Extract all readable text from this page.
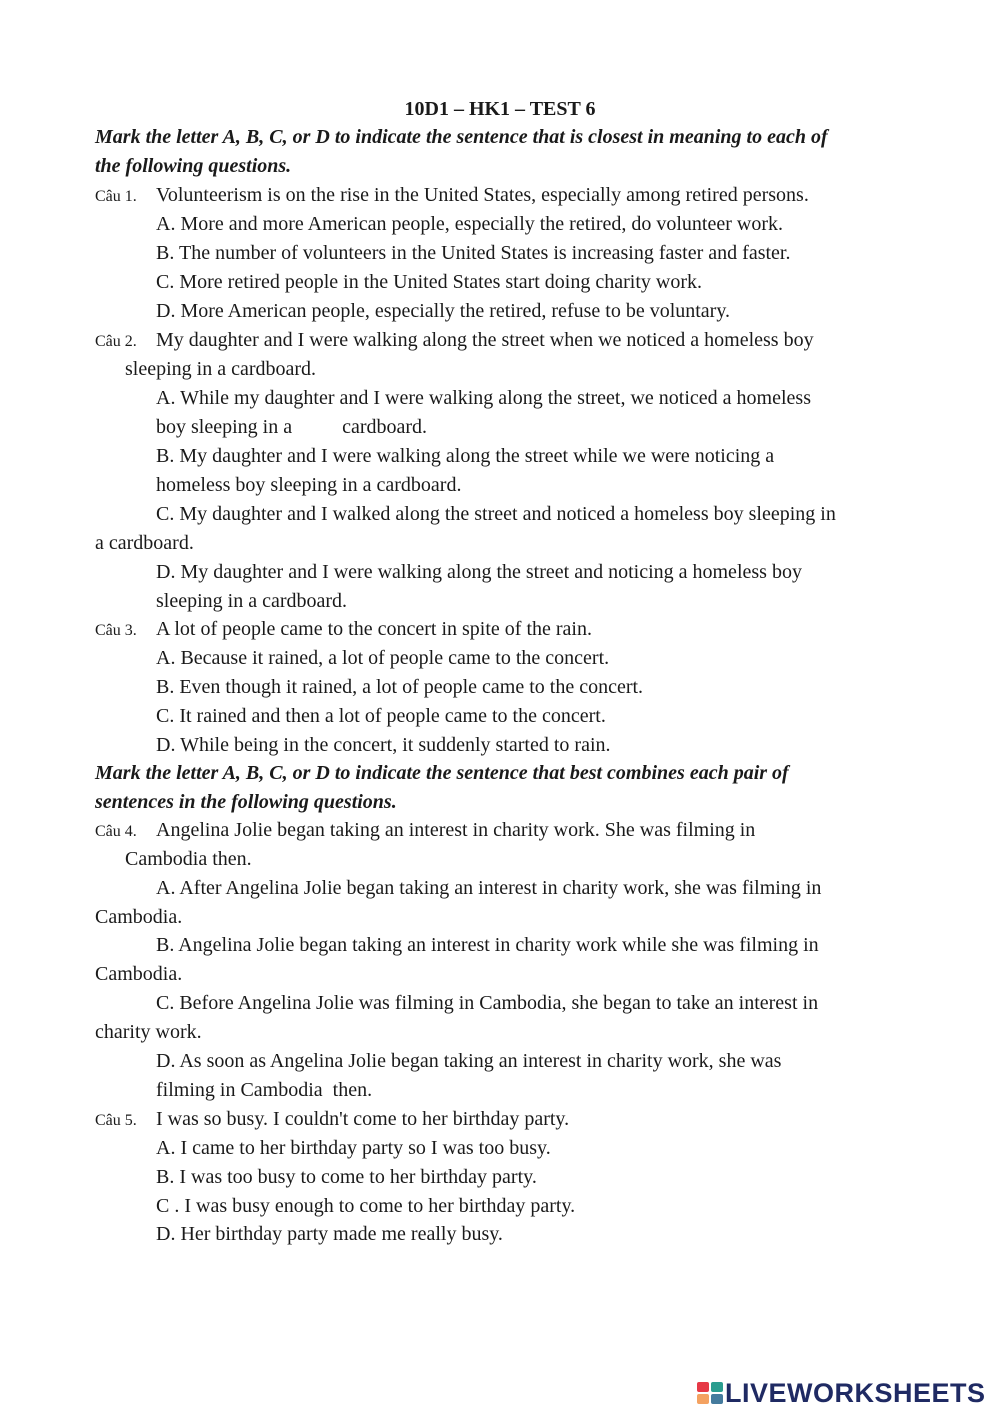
10D1 – HK1 – TEST 6
Mark the letter A, B, C, or D to indicate the sentence that is closest in meaning to each of
the following questions.
Câu 1. Volunteerism is on the rise in the United States, especially among retired persons.
A. More and more American people, especially the retired, do volunteer work.
B. The number of volunteers in the United States is increasing faster and faster.
C. More retired people in the United States start doing charity work.
D. More American people, especially the retired, refuse to be voluntary.
Câu 2. My daughter and I were walking along the street when we noticed a homeless boy
sleeping in a cardboard.
A. While my daughter and I were walking along the street, we noticed a homeless
boy sleeping in a          cardboard.
B. My daughter and I were walking along the street while we were noticing a
homeless boy sleeping in a cardboard.
C. My daughter and I walked along the street and noticed a homeless boy sleeping in
a cardboard.
D. My daughter and I were walking along the street and noticing a homeless boy
sleeping in a cardboard.
Câu 3. A lot of people came to the concert in spite of the rain.
A. Because it rained, a lot of people came to the concert.
B. Even though it rained, a lot of people came to the concert.
C. It rained and then a lot of people came to the concert.
D. While being in the concert, it suddenly started to rain.
Mark the letter A, B, C, or D to indicate the sentence that best combines each pair of
sentences in the following questions.
Câu 4. Angelina Jolie began taking an interest in charity work. She was filming in
Cambodia then.
A. After Angelina Jolie began taking an interest in charity work, she was filming in
Cambodia.
B. Angelina Jolie began taking an interest in charity work while she was filming in
Cambodia.
C. Before Angelina Jolie was filming in Cambodia, she began to take an interest in
charity work.
D. As soon as Angelina Jolie began taking an interest in charity work, she was
filming in Cambodia  then.
Câu 5. I was so busy. I couldn't come to her birthday party.
A. I came to her birthday party so I was too busy.
B. I was too busy to come to her birthday party.
C . I was busy enough to come to her birthday party.
D. Her birthday party made me really busy.
LIVEWORKSHEETS
